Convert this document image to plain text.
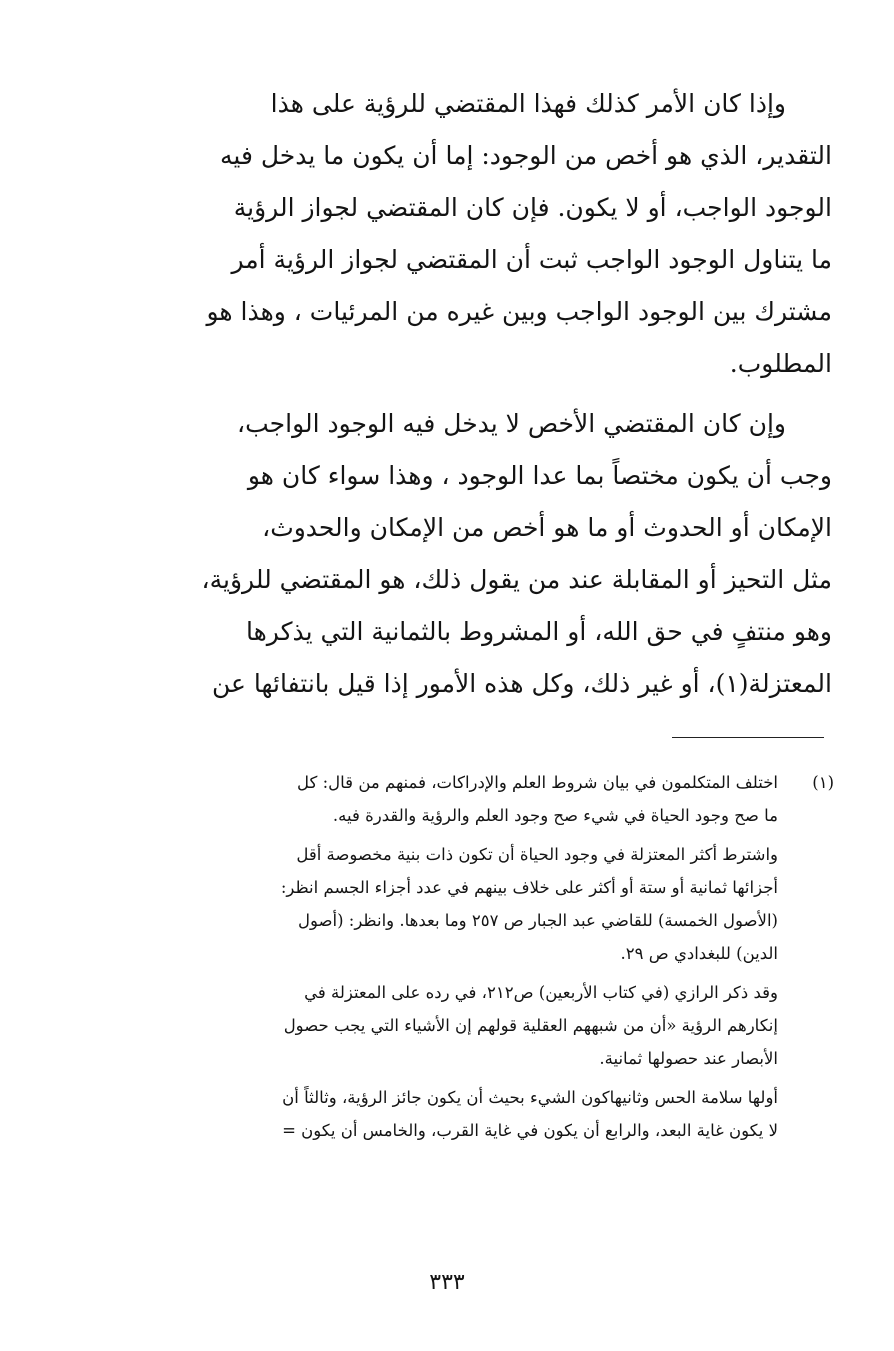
وإذا كان الأمر كذلك فهذا المقتضي للرؤية على هذا
التقدير، الذي هو أخص من الوجود: إما أن يكون ما يدخل فيه
الوجود الواجب، أو لا يكون. فإن كان المقتضي لجواز الرؤية
ما يتناول الوجود الواجب ثبت أن المقتضي لجواز الرؤية أمر
مشترك بين الوجود الواجب وبين غيره من المرئيات ، وهذا هو
المطلوب.
وإن كان المقتضي الأخص لا يدخل فيه الوجود الواجب،
وجب أن يكون مختصاً بما عدا الوجود ، وهذا سواء كان هو
الإمكان أو الحدوث أو ما هو أخص من الإمكان والحدوث،
مثل التحيز أو المقابلة عند من يقول ذلك، هو المقتضي للرؤية،
وهو منتفٍ في حق الله، أو المشروط بالثمانية التي يذكرها
المعتزلة(١)، أو غير ذلك، وكل هذه الأمور إذا قيل بانتفائها عن
(١)
اختلف المتكلمون في بيان شروط العلم والإدراكات، فمنهم من قال: كل
ما صح وجود الحياة في شيء صح وجود العلم والرؤية والقدرة فيه.
واشترط أكثر المعتزلة في وجود الحياة أن تكون ذات بنية مخصوصة أقل
أجزائها ثمانية أو ستة أو أكثر على خلاف بينهم في عدد أجزاء الجسم انظر:
(الأصول الخمسة) للقاضي عبد الجبار ص ٢٥٧ وما بعدها. وانظر: (أصول
الدين) للبغدادي ص ٢٩.
وقد ذكر الرازي (في كتاب الأربعين) ص٢١٢، في رده على المعتزلة في
إنكارهم الرؤية «أن من شبههم العقلية قولهم إن الأشياء التي يجب حصول
الأبصار عند حصولها ثمانية.
أولها سلامة الحس وثانيهاكون الشيء بحيث أن يكون جائز الرؤية، وثالثاً أن
لا يكون غاية البعد، والرابع أن يكون في غاية القرب، والخامس أن يكون =
٣٣٣
